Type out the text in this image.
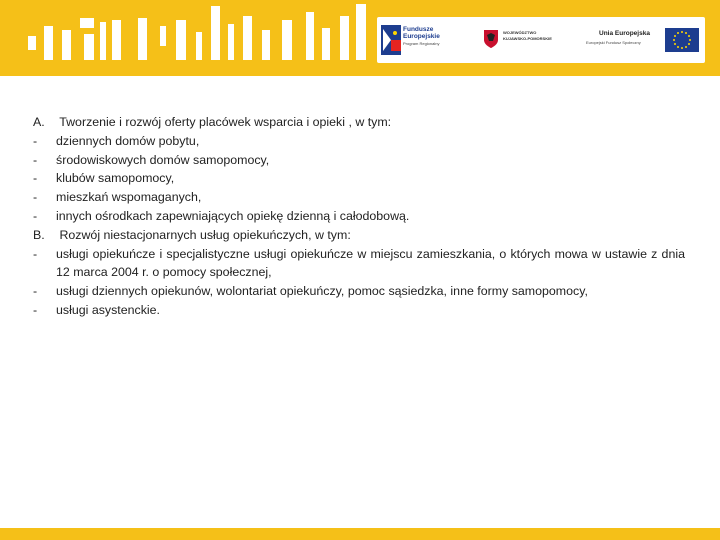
Fundusze
Europejskie
Program Regionalny
WOJEWÓDZTWO
KUJAWSKO-POMORSKIE
Unia Europejska
Europejski Fundusz Społeczny
A. Tworzenie i rozwój oferty placówek wsparcia i opieki , w tym:
-	dziennych domów pobytu,
-	środowiskowych domów samopomocy,
-	klubów samopomocy,
-	mieszkań wspomaganych,
-	innych ośrodkach zapewniających opiekę dzienną i całodobową.
B. Rozwój niestacjonarnych usług opiekuńczych, w tym:
-	usługi opiekuńcze i specjalistyczne usługi opiekuńcze w miejscu zamieszkania, o których mowa w ustawie z dnia 12 marca 2004 r. o pomocy społecznej,
-	usługi dziennych opiekunów, wolontariat opiekuńczy, pomoc sąsiedzka, inne formy samopomocy,
-	usługi asystenckie.
